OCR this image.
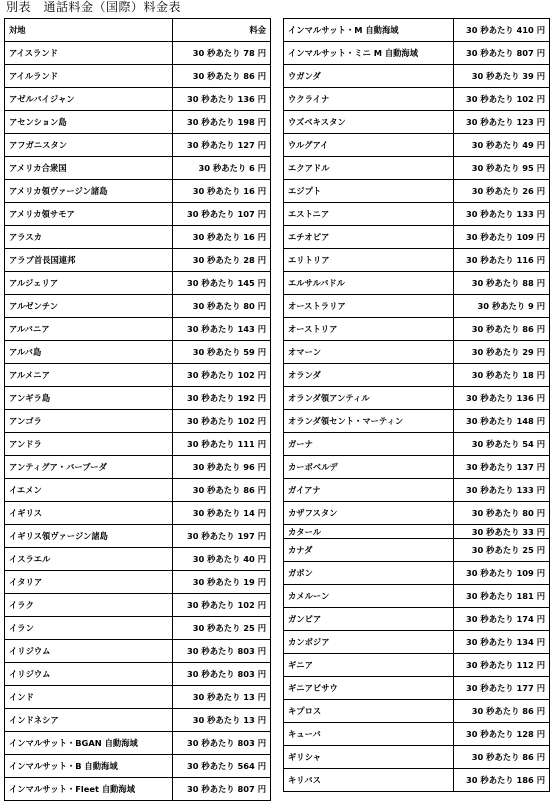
別表　通話料金（国際）料金表
対地	料金
アイスランド	30 秒あたり 78 円
アイルランド	30 秒あたり 86 円
アゼルバイジャン	30 秒あたり 136 円
アセンション島	30 秒あたり 198 円
アフガニスタン	30 秒あたり 127 円
アメリカ合衆国	30 秒あたり 6 円
アメリカ領ヴァージン諸島	30 秒あたり 16 円
アメリカ領サモア	30 秒あたり 107 円
アラスカ	30 秒あたり 16 円
アラブ首長国連邦	30 秒あたり 28 円
アルジェリア	30 秒あたり 145 円
アルゼンチン	30 秒あたり 80 円
アルバニア	30 秒あたり 143 円
アルバ島	30 秒あたり 59 円
アルメニア	30 秒あたり 102 円
アンギラ島	30 秒あたり 192 円
アンゴラ	30 秒あたり 102 円
アンドラ	30 秒あたり 111 円
アンティグア・バーブーダ	30 秒あたり 96 円
イエメン	30 秒あたり 86 円
イギリス	30 秒あたり 14 円
イギリス領ヴァージン諸島	30 秒あたり 197 円
イスラエル	30 秒あたり 40 円
イタリア	30 秒あたり 19 円
イラク	30 秒あたり 102 円
イラン	30 秒あたり 25 円
イリジウム	30 秒あたり 803 円
イリジウム	30 秒あたり 803 円
インド	30 秒あたり 13 円
インドネシア	30 秒あたり 13 円
インマルサット・BGAN 自動海域	30 秒あたり 803 円
インマルサット・B 自動海域	30 秒あたり 564 円
インマルサット・Fleet 自動海域	30 秒あたり 807 円
インマルサット・M 自動海域	30 秒あたり 410 円
インマルサット・ミニ M 自動海域	30 秒あたり 807 円
ウガンダ	30 秒あたり 39 円
ウクライナ	30 秒あたり 102 円
ウズベキスタン	30 秒あたり 123 円
ウルグアイ	30 秒あたり 49 円
エクアドル	30 秒あたり 95 円
エジプト	30 秒あたり 26 円
エストニア	30 秒あたり 133 円
エチオピア	30 秒あたり 109 円
エリトリア	30 秒あたり 116 円
エルサルバドル	30 秒あたり 88 円
オーストラリア	30 秒あたり 9 円
オーストリア	30 秒あたり 86 円
オマーン	30 秒あたり 29 円
オランダ	30 秒あたり 18 円
オランダ領アンティル	30 秒あたり 136 円
オランダ領セント・マーティン	30 秒あたり 148 円
ガーナ	30 秒あたり 54 円
カーボベルデ	30 秒あたり 137 円
ガイアナ	30 秒あたり 133 円
カザフスタン	30 秒あたり 80 円
カタール	30 秒あたり 33 円
カナダ	30 秒あたり 25 円
ガボン	30 秒あたり 109 円
カメルーン	30 秒あたり 181 円
ガンビア	30 秒あたり 174 円
カンボジア	30 秒あたり 134 円
ギニア	30 秒あたり 112 円
ギニアビサウ	30 秒あたり 177 円
キプロス	30 秒あたり 86 円
キューバ	30 秒あたり 128 円
ギリシャ	30 秒あたり 86 円
キリバス	30 秒あたり 186 円
